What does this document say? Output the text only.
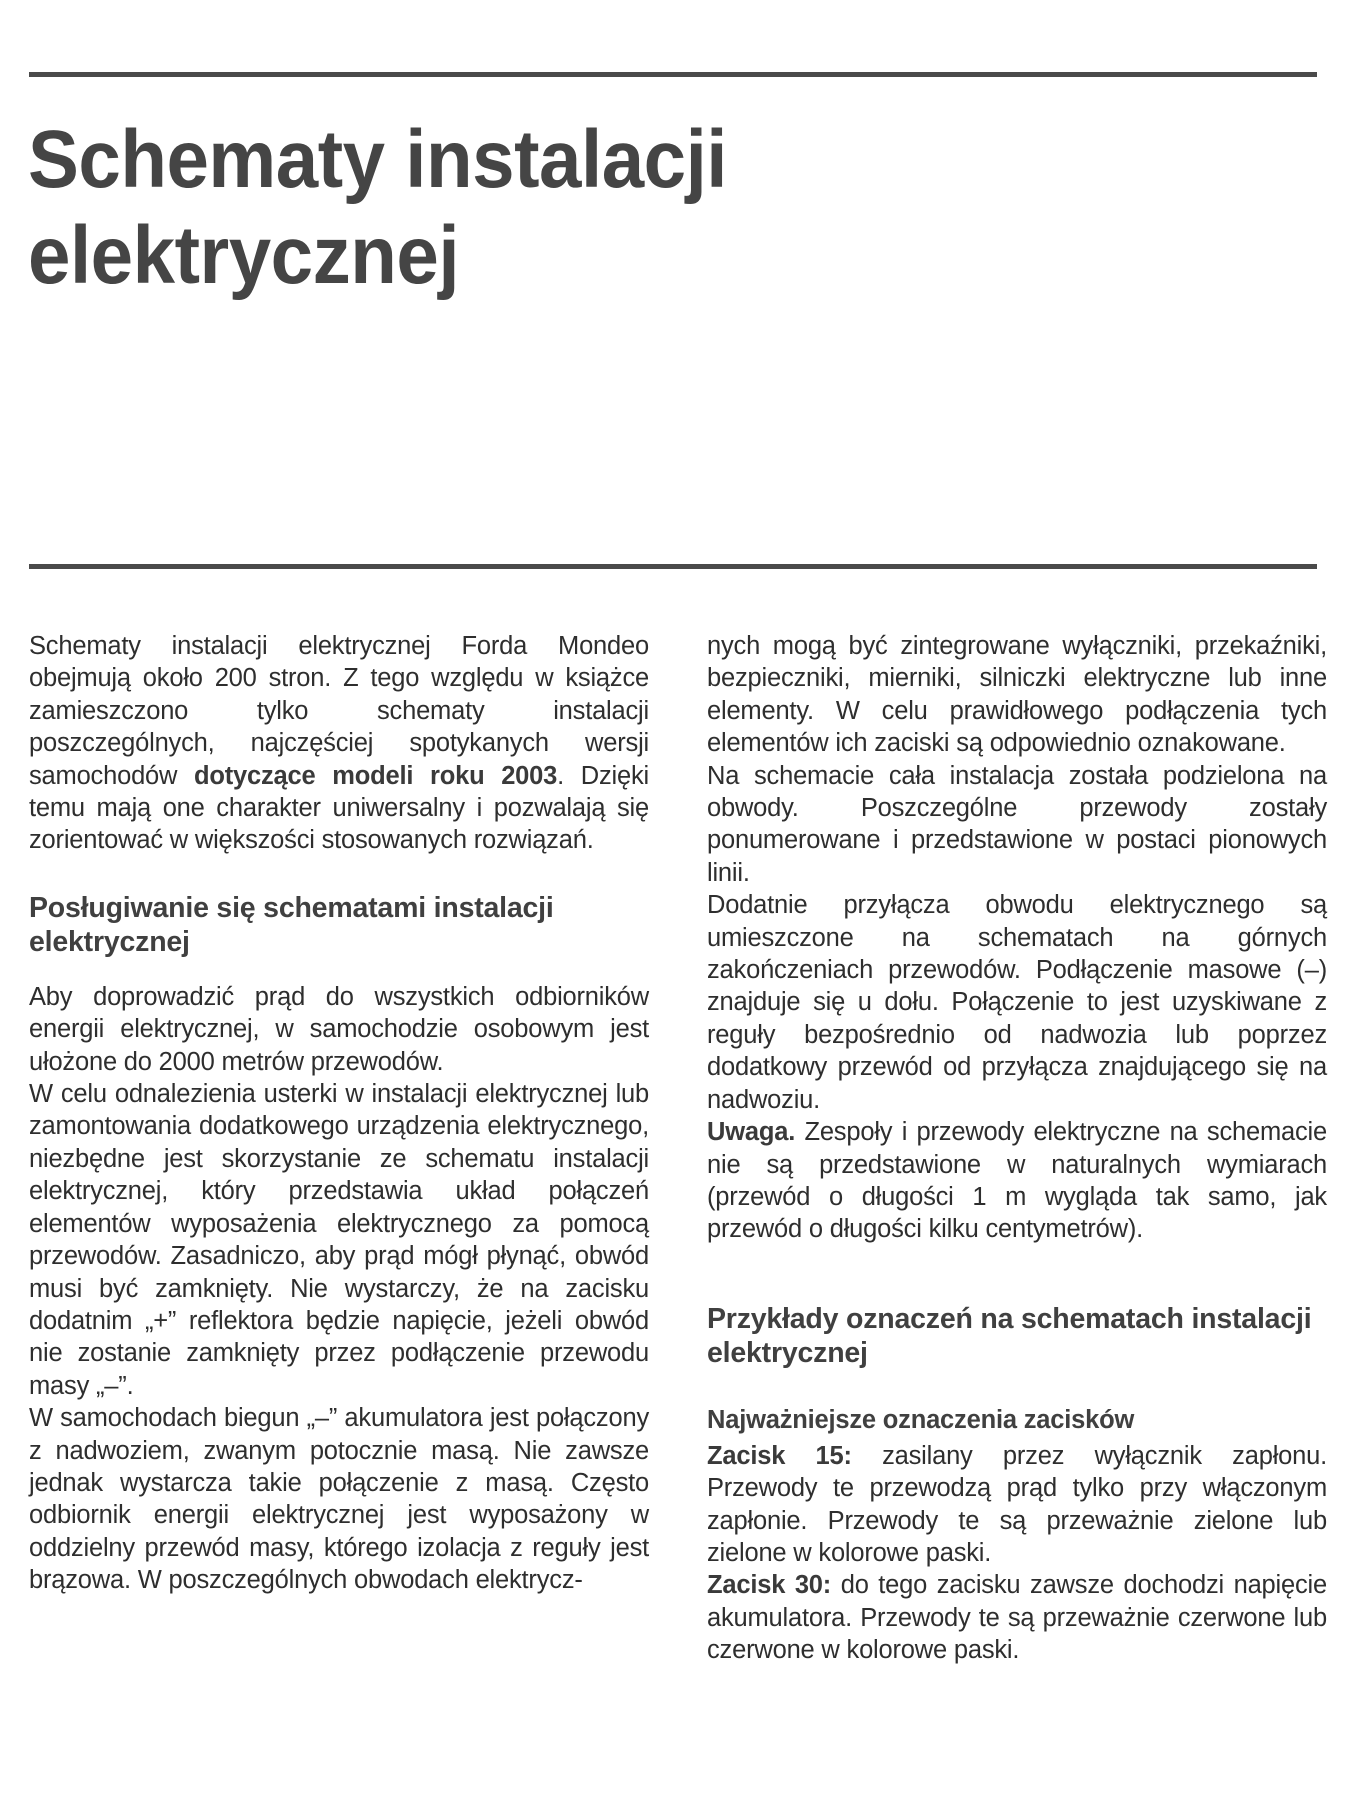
Schematy instalacji
elektrycznej

Schematy instalacji elektrycznej Forda Mondeo obejmują około 200 stron. Z tego względu w książce zamieszczono tylko schematy instalacji poszczególnych, najczęściej spotykanych wersji samochodów dotyczące modeli roku 2003. Dzięki temu mają one charakter uniwersalny i pozwalają się zorientować w większości stosowanych rozwiązań.

Posługiwanie się schematami instalacji elektrycznej

Aby doprowadzić prąd do wszystkich odbiorników energii elektrycznej, w samochodzie osobowym jest ułożone do 2000 metrów przewodów.

W celu odnalezienia usterki w instalacji elektrycznej lub zamontowania dodatkowego urządzenia elektrycznego, niezbędne jest skorzystanie ze schematu instalacji elektrycznej, który przedstawia układ połączeń elementów wyposażenia elektrycznego za pomocą przewodów. Zasadniczo, aby prąd mógł płynąć, obwód musi być zamknięty. Nie wystarczy, że na zacisku dodatnim „+” reflektora będzie napięcie, jeżeli obwód nie zostanie zamknięty przez podłączenie przewodu masy „–”.

W samochodach biegun „–” akumulatora jest połączony z nadwoziem, zwanym potocznie masą. Nie zawsze jednak wystarcza takie połączenie z masą. Często odbiornik energii elektrycznej jest wyposażony w oddzielny przewód masy, którego izolacja z reguły jest brązowa. W poszczególnych obwodach elektrycz-

nych mogą być zintegrowane wyłączniki, przekaźniki, bezpieczniki, mierniki, silniczki elektryczne lub inne elementy. W celu prawidłowego podłączenia tych elementów ich zaciski są odpowiednio oznakowane.

Na schemacie cała instalacja została podzielona na obwody. Poszczególne przewody zostały ponumerowane i przedstawione w postaci pionowych linii.

Dodatnie przyłącza obwodu elektrycznego są umieszczone na schematach na górnych zakończeniach przewodów. Podłączenie masowe (–) znajduje się u dołu. Połączenie to jest uzyskiwane z reguły bezpośrednio od nadwozia lub poprzez dodatkowy przewód od przyłącza znajdującego się na nadwoziu.

Uwaga. Zespoły i przewody elektryczne na schemacie nie są przedstawione w naturalnych wymiarach (przewód o długości 1 m wygląda tak samo, jak przewód o długości kilku centymetrów).

Przykłady oznaczeń na schematach instalacji elektrycznej
Najważniejsze oznaczenia zacisków

Zacisk 15: zasilany przez wyłącznik zapłonu. Przewody te przewodzą prąd tylko przy włączonym zapłonie. Przewody te są przeważnie zielone lub zielone w kolorowe paski.

Zacisk 30: do tego zacisku zawsze dochodzi napięcie akumulatora. Przewody te są przeważnie czerwone lub czerwone w kolorowe paski.
